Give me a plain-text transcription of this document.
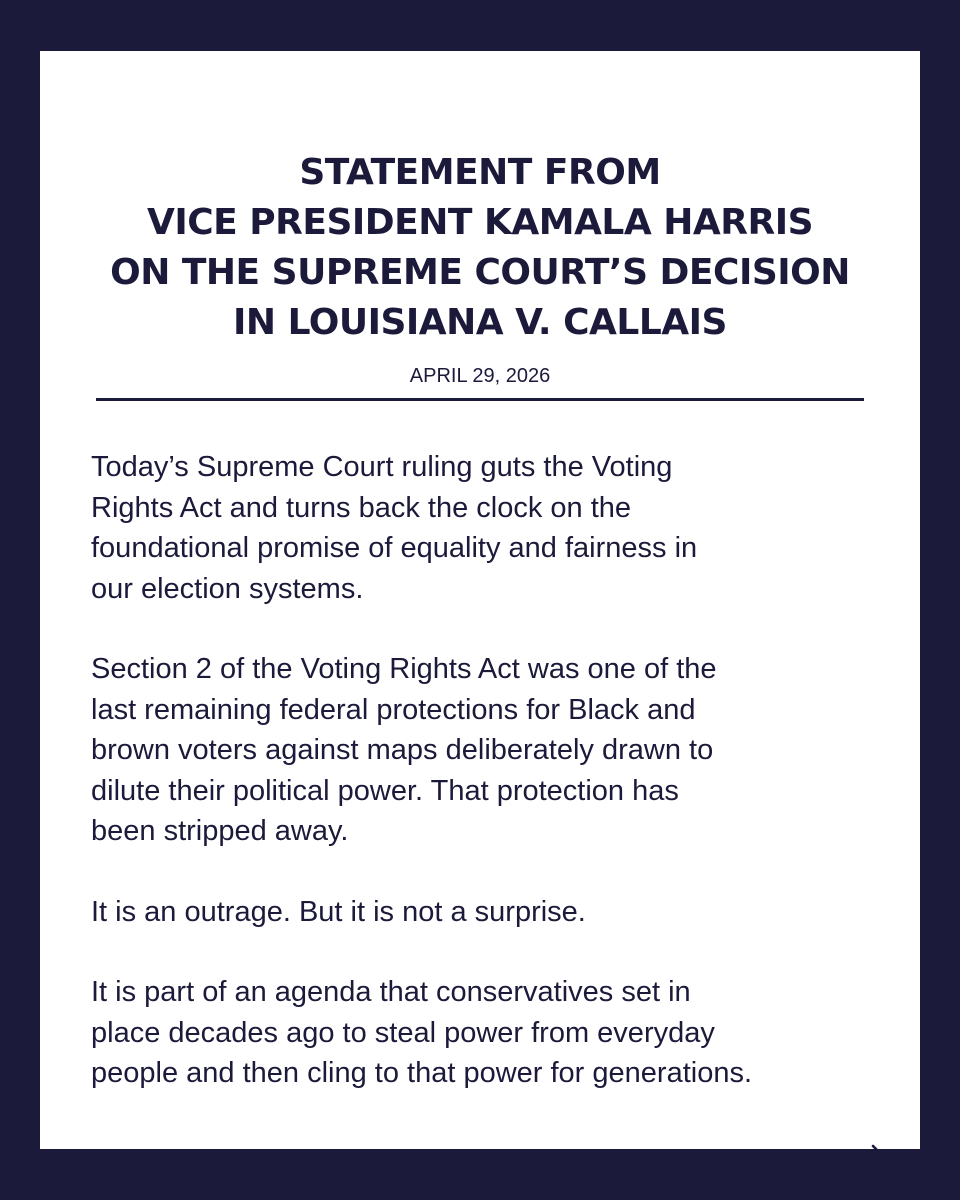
STATEMENT FROM
VICE PRESIDENT KAMALA HARRIS
ON THE SUPREME COURT’S DECISION
IN LOUISIANA V. CALLAIS
APRIL 29, 2026

Today’s Supreme Court ruling guts the Voting
Rights Act and turns back the clock on the
foundational promise of equality and fairness in
our election systems.

Section 2 of the Voting Rights Act was one of the
last remaining federal protections for Black and
brown voters against maps deliberately drawn to
dilute their political power. That protection has
been stripped away.

It is an outrage. But it is not a surprise.

It is part of an agenda that conservatives set in
place decades ago to steal power from everyday
people and then cling to that power for generations.
